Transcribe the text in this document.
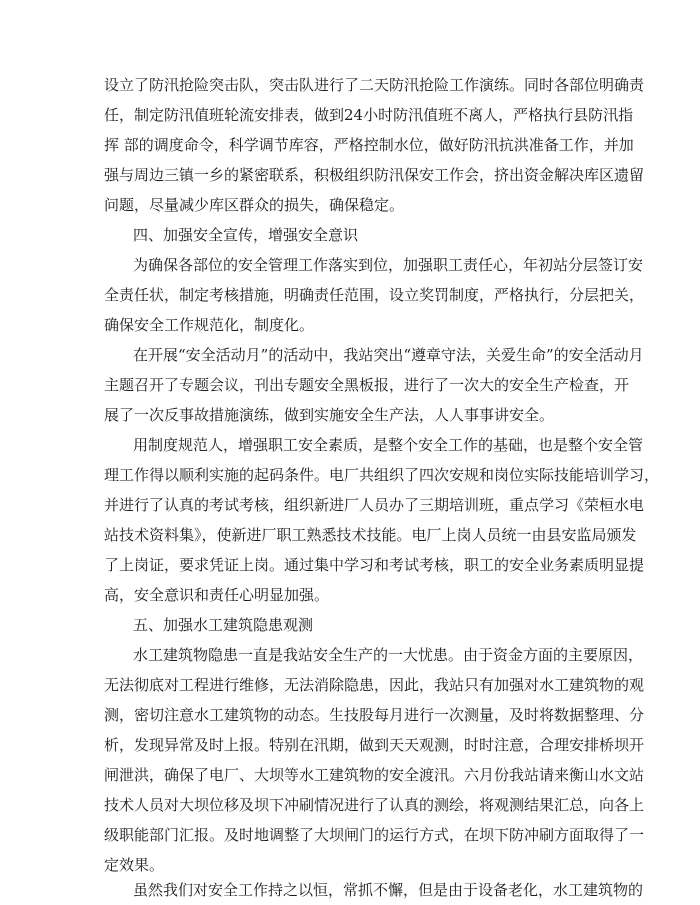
设立了防汛抢险突击队，突击队进行了二天防汛抢险工作演练。同时各部位明确责
任，制定防汛值班轮流安排表，做到24小时防汛值班不离人，严格执行县防汛指
挥 部的调度命令，科学调节库容，严格控制水位，做好防汛抗洪准备工作，并加
强与周边三镇一乡的紧密联系，积极组织防汛保安工作会，挤出资金解决库区遗留
问题，尽量减少库区群众的损失，确保稳定。
四、加强安全宣传，增强安全意识
为确保各部位的安全管理工作落实到位，加强职工责任心，年初站分层签订安
全责任状，制定考核措施，明确责任范围，设立奖罚制度，严格执行，分层把关，
确保安全工作规范化，制度化。
在开展“安全活动月”的活动中，我站突出“遵章守法，关爱生命”的安全活动月
主题召开了专题会议，刊出专题安全黑板报，进行了一次大的安全生产检查，开
展了一次反事故措施演练，做到实施安全生产法，人人事事讲安全。
用制度规范人，增强职工安全素质，是整个安全工作的基础，也是整个安全管
理工作得以顺利实施的起码条件。电厂共组织了四次安规和岗位实际技能培训学习，
并进行了认真的考试考核，组织新进厂人员办了三期培训班，重点学习《荣桓水电
站技术资料集》，使新进厂职工熟悉技术技能。电厂上岗人员统一由县安监局颁发
了上岗证，要求凭证上岗。通过集中学习和考试考核，职工的安全业务素质明显提
高，安全意识和责任心明显加强。
五、加强水工建筑隐患观测
水工建筑物隐患一直是我站安全生产的一大忧患。由于资金方面的主要原因，
无法彻底对工程进行维修，无法消除隐患，因此，我站只有加强对水工建筑物的观
测，密切注意水工建筑物的动态。生技股每月进行一次测量，及时将数据整理、分
析，发现异常及时上报。特别在汛期，做到天天观测，时时注意，合理安排桥坝开
闸泄洪，确保了电厂、大坝等水工建筑物的安全渡汛。六月份我站请来衡山水文站
技术人员对大坝位移及坝下冲刷情况进行了认真的测绘，将观测结果汇总，向各上
级职能部门汇报。及时地调整了大坝闸门的运行方式，在坝下防冲刷方面取得了一
定效果。
虽然我们对安全工作持之以恒，常抓不懈，但是由于设备老化，水工建筑物的
